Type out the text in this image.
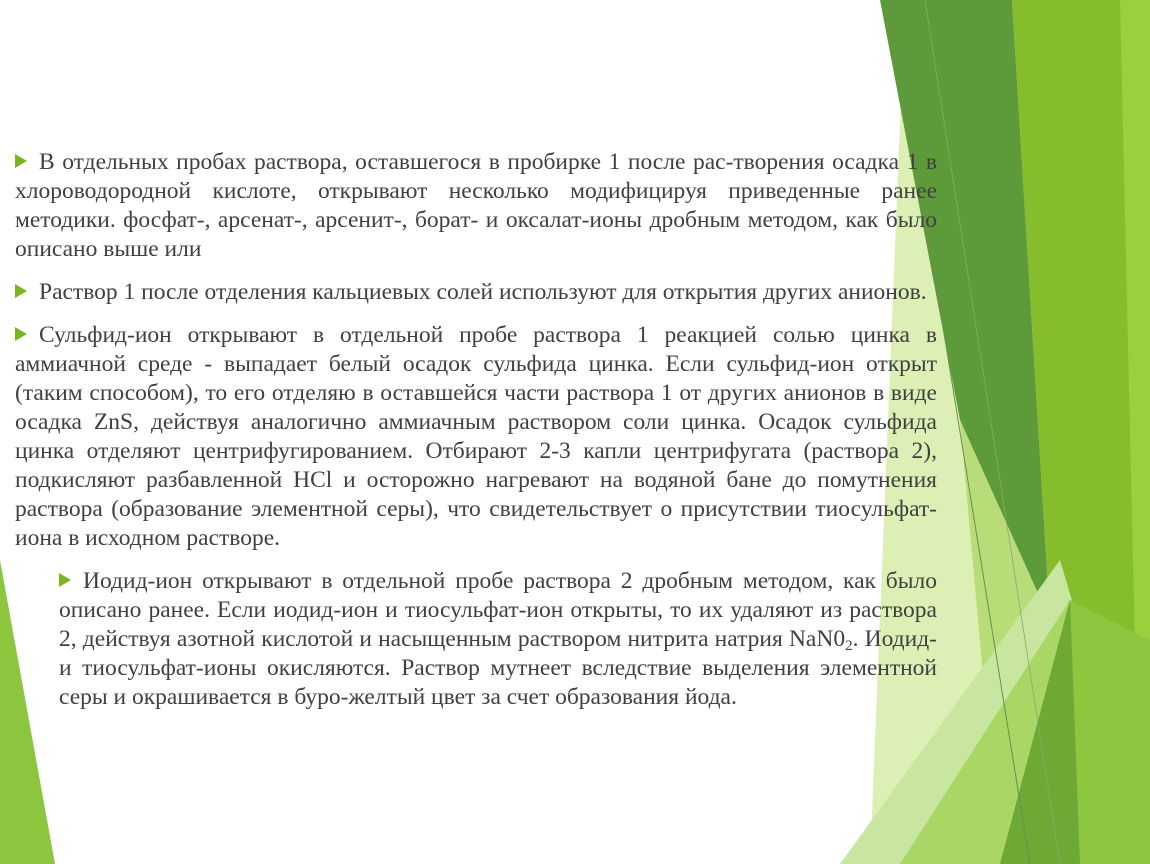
В отдельных пробах раствора, оставшегося в пробирке 1 после рас-творения осадка 1 в хлороводородной кислоте, открывают несколько модифицируя приведенные ранее методики. фосфат-, арсенат-, арсенит-, борат- и оксалат-ионы дробным методом, как было описано выше или

Раствор 1 после отделения кальциевых солей используют для открытия других анионов.

Сульфид-ион открывают в отдельной пробе раствора 1 реакцией солью цинка в аммиачной среде - выпадает белый осадок сульфида цинка. Если сульфид-ион открыт (таким способом), то его отделяю в оставшейся части раствора 1 от других анионов в виде осадка ZnS, действуя аналогично аммиачным раствором соли цинка. Осадок сульфида цинка отделяют центрифугированием. Отбирают 2-3 капли центрифугата (раствора 2), подкисляют разбавленной НСl и осторожно нагревают на водяной бане до помутнения раствора (образование элементной серы), что свидетельствует о присутствии тиосульфат-иона в исходном растворе.

Иодид-ион открывают в отдельной пробе раствора 2 дробным методом, как было описано ранее. Если иодид-ион и тиосульфат-ион открыты, то их удаляют из раствора 2, действуя азотной кислотой и насыщенным раствором нитрита натрия $NaN0_2$. Иодид- и тиосульфат-ионы окисляются. Раствор мутнеет вследствие выделения элементной серы и окрашивается в буро-желтый цвет за счет образования йода.
